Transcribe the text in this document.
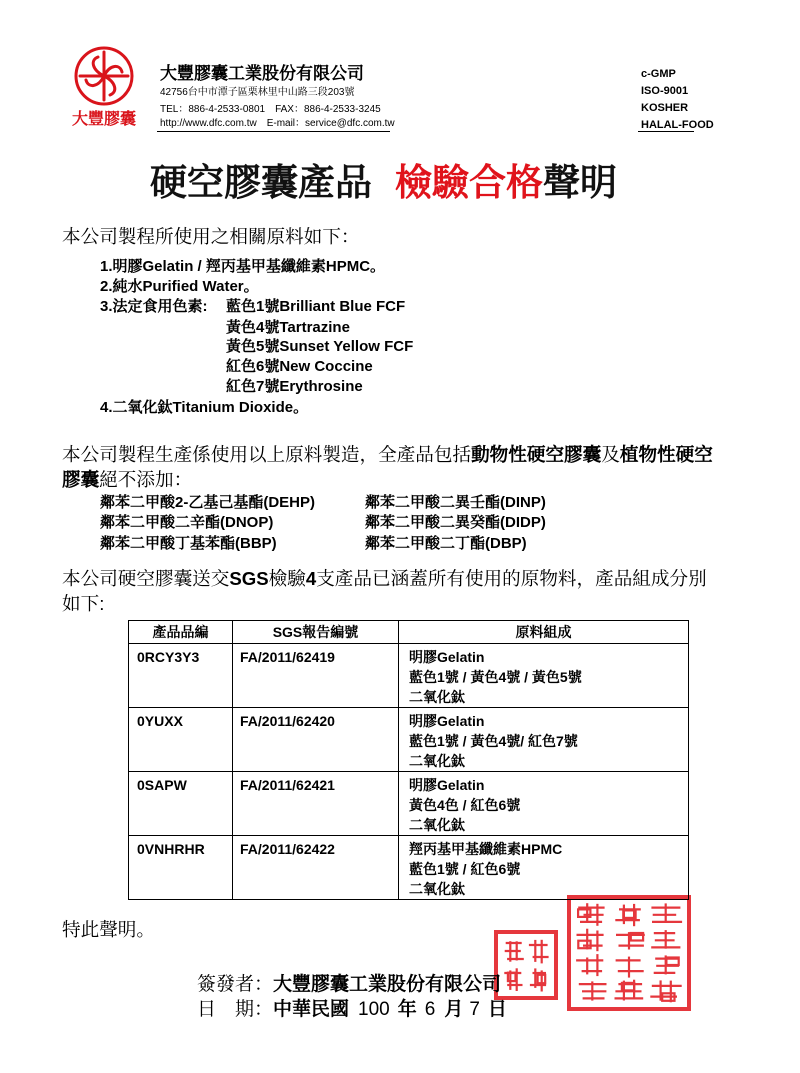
大豐膠囊
大豐膠囊工業股份有限公司
42756台中市潭子區栗林里中山路三段203號
TEL：886-4-2533-0801　FAX：886-4-2533-3245
http://www.dfc.com.tw　E-mail：service@dfc.com.tw
c-GMP
ISO-9001
KOSHER
HALAL-FOOD
硬空膠囊產品 檢驗合格聲明
本公司製程所使用之相關原料如下：
1.明膠Gelatin / 羥丙基甲基纖維素HPMC。
2.純水Purified Water。
3.法定食用色素: 藍色1號Brilliant Blue FCF
黃色4號Tartrazine
黃色5號Sunset Yellow FCF
紅色6號New Coccine
紅色7號Erythrosine
4.二氧化鈦Titanium Dioxide。
本公司製程生產係使用以上原料製造，全產品包括動物性硬空膠囊及植物性硬空
膠囊絕不添加：
鄰苯二甲酸2-乙基己基酯(DEHP)
鄰苯二甲酸二辛酯(DNOP)
鄰苯二甲酸丁基苯酯(BBP)
鄰苯二甲酸二異壬酯(DINP)
鄰苯二甲酸二異癸酯(DIDP)
鄰苯二甲酸二丁酯(DBP)
本公司硬空膠囊送交SGS檢驗4支產品已涵蓋所有使用的原物料，產品組成分別
如下:
產品品編	SGS報告編號	原料組成
0RCY3Y3	FA/2011/62419	明膠Gelatin
藍色1號 / 黃色4號 / 黃色5號
二氧化鈦

0YUXX	FA/2011/62420	明膠Gelatin
藍色1號 / 黃色4號/ 紅色7號
二氧化鈦

0SAPW	FA/2011/62421	明膠Gelatin
黃色4色 / 紅色6號
二氧化鈦

0VNHRHR	FA/2011/62422	羥丙基甲基纖維素HPMC
藍色1號 / 紅色6號
二氧化鈦
特此聲明。
簽發者：大豐膠囊工業股份有限公司
日　期：中華民國 100 年 6 月 7 日
